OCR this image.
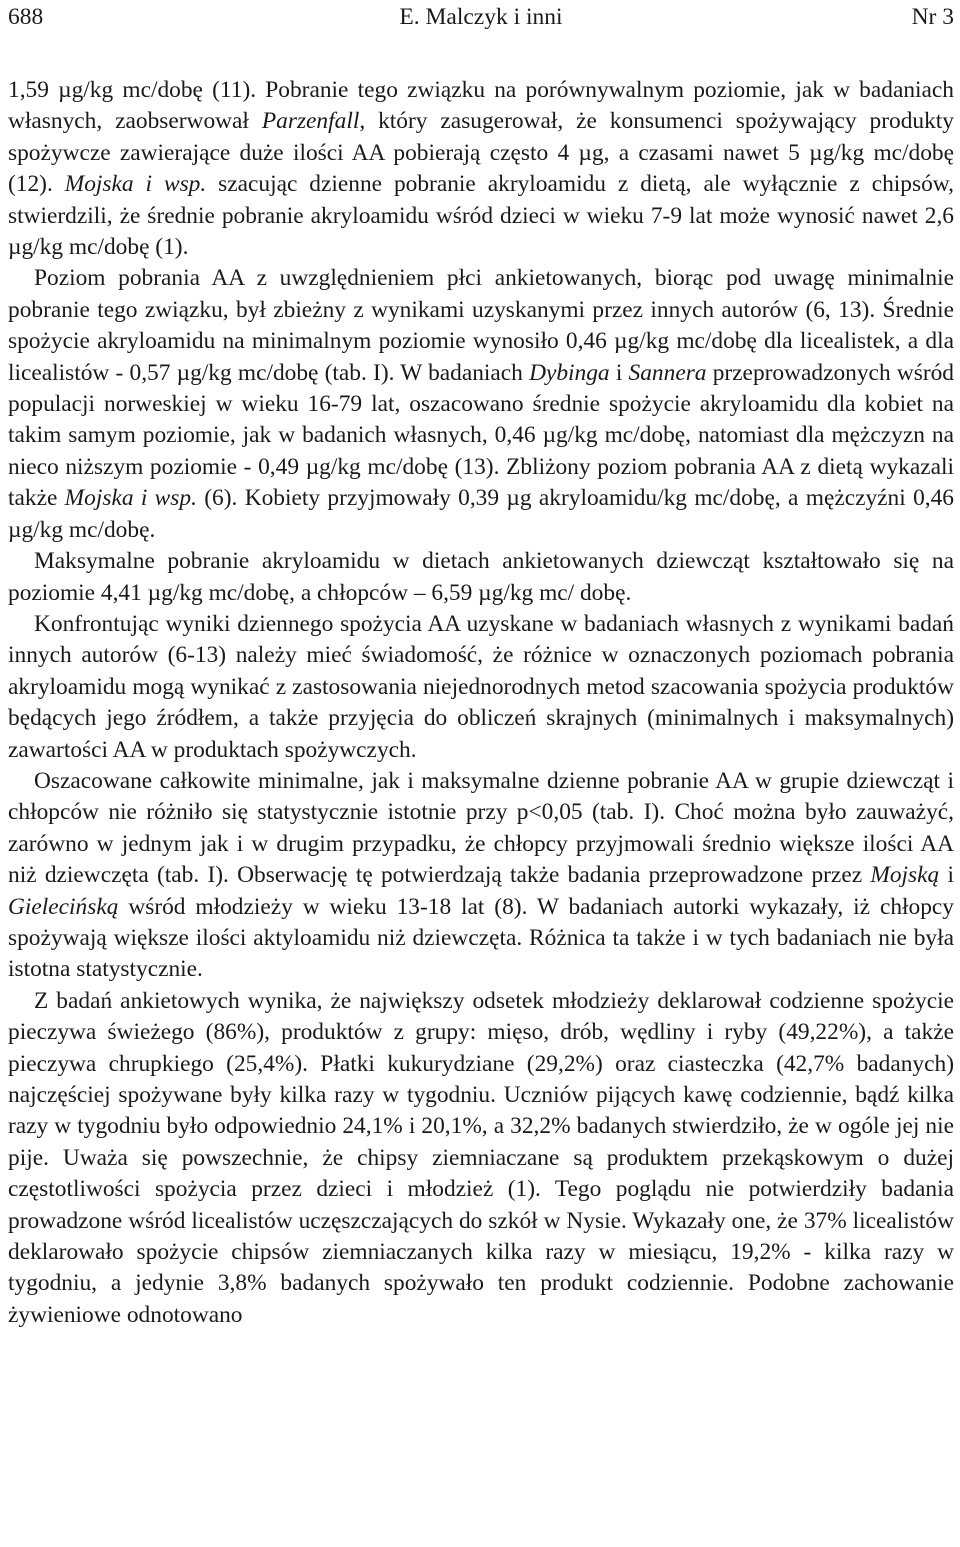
E. Malczyk i inni
688	Nr 3

1,59 µg/kg mc/dobę (11). Pobranie tego związku na porównywalnym poziomie, jak w badaniach własnych, zaobserwował Parzenfall, który zasugerował, że konsumenci spożywający produkty spożywcze zawierające duże ilości AA pobierają często 4 µg, a czasami nawet 5 µg/kg mc/dobę (12). Mojska i wsp. szacując dzienne pobranie akryloamidu z dietą, ale wyłącznie z chipsów, stwierdzili, że średnie pobranie akryloamidu wśród dzieci w wieku 7-9 lat może wynosić nawet 2,6 µg/kg mc/dobę (1).

Poziom pobrania AA z uwzględnieniem płci ankietowanych, biorąc pod uwagę minimalnie pobranie tego związku, był zbieżny z wynikami uzyskanymi przez innych autorów (6, 13). Średnie spożycie akryloamidu na minimalnym poziomie wynosiło 0,46 µg/kg mc/dobę dla licealistek, a dla licealistów - 0,57 µg/kg mc/dobę (tab. I). W badaniach Dybinga i Sannera przeprowadzonych wśród populacji norweskiej w wieku 16-79 lat, oszacowano średnie spożycie akryloamidu dla kobiet na takim samym poziomie, jak w badanich własnych, 0,46 µg/kg mc/dobę, natomiast dla mężczyzn na nieco niższym poziomie - 0,49 µg/kg mc/dobę (13). Zbliżony poziom pobrania AA z dietą wykazali także Mojska i wsp. (6). Kobiety przyjmowały 0,39 µg akryloamidu/kg mc/dobę, a mężczyźni 0,46 µg/kg mc/dobę.

Maksymalne pobranie akryloamidu w dietach ankietowanych dziewcząt kształtowało się na poziomie 4,41 µg/kg mc/dobę, a chłopców – 6,59 µg/kg mc/ dobę.

Konfrontując wyniki dziennego spożycia AA uzyskane w badaniach własnych z wynikami badań innych autorów (6-13) należy mieć świadomość, że różnice w oznaczonych poziomach pobrania akryloamidu mogą wynikać z zastosowania niejednorodnych metod szacowania spożycia produktów będących jego źródłem, a także przyjęcia do obliczeń skrajnych (minimalnych i maksymalnych) zawartości AA w produktach spożywczych.

Oszacowane całkowite minimalne, jak i maksymalne dzienne pobranie AA w grupie dziewcząt i chłopców nie różniło się statystycznie istotnie przy p<0,05 (tab. I). Choć można było zauważyć, zarówno w jednym jak i w drugim przypadku, że chłopcy przyjmowali średnio większe ilości AA niż dziewczęta (tab. I). Obserwację tę potwierdzają także badania przeprowadzone przez Mojską i Gielecińską wśród młodzieży w wieku 13-18 lat (8). W badaniach autorki wykazały, iż chłopcy spożywają większe ilości aktyloamidu niż dziewczęta. Różnica ta także i w tych badaniach nie była istotna statystycznie.

Z badań ankietowych wynika, że największy odsetek młodzieży deklarował codzienne spożycie pieczywa świeżego (86%), produktów z grupy: mięso, drób, wędliny i ryby (49,22%), a także pieczywa chrupkiego (25,4%). Płatki kukurydziane (29,2%) oraz ciasteczka (42,7% badanych) najczęściej spożywane były kilka razy w tygodniu. Uczniów pijących kawę codziennie, bądź kilka razy w tygodniu było odpowiednio 24,1% i 20,1%, a 32,2% badanych stwierdziło, że w ogóle jej nie pije. Uważa się powszechnie, że chipsy ziemniaczane są produktem przekąskowym o dużej częstotliwości spożycia przez dzieci i młodzież (1). Tego poglądu nie potwierdziły badania prowadzone wśród licealistów uczęszczających do szkół w Nysie. Wykazały one, że 37% licealistów deklarowało spożycie chipsów ziemniaczanych kilka razy w miesiącu, 19,2% - kilka razy w tygodniu, a jedynie 3,8% badanych spożywało ten produkt codziennie. Podobne zachowanie żywieniowe odnotowano
